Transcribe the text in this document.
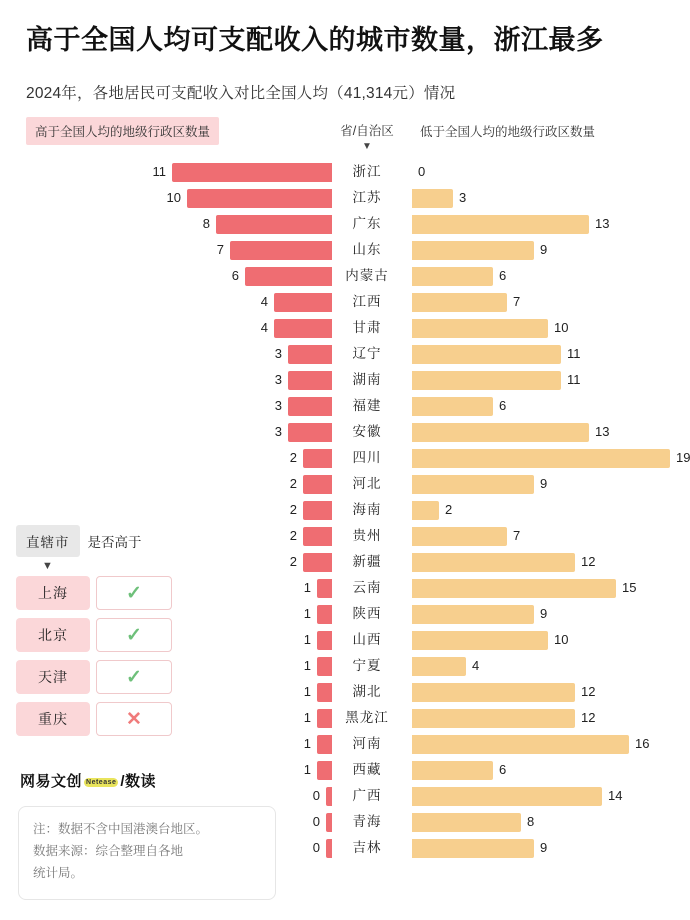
高于全国人均可支配收入的城市数量，浙江最多
2024年，各地居民可支配收入对比全国人均（41,314元）情况
高于全国人均的地级行政区数量	省/自治区
▼
低于全国人均的地级行政区数量
11	浙江	0
10	江苏	3
8	广东	13
7	山东	9
6	内蒙古	6
4	江西	7
4	甘肃	10
3	辽宁	11
3	湖南	11
3	福建	6
3	安徽	13
2	四川	19
2	河北	9
2	海南	2
2	贵州	7
2	新疆	12
1	云南	15
1	陕西	9
1	山西	10
1	宁夏	4
1	湖北	12
1	黑龙江	12
1	河南	16
1	西藏	6
0	广西	14
0	青海	8
0	吉林	9
直辖市	是否高于
▼
上海	✓
北京	✓
天津	✓
重庆	✕
网易文创 Netease /数读
注：数据不含中国港澳台地区。
数据来源：综合整理自各地
统计局。
